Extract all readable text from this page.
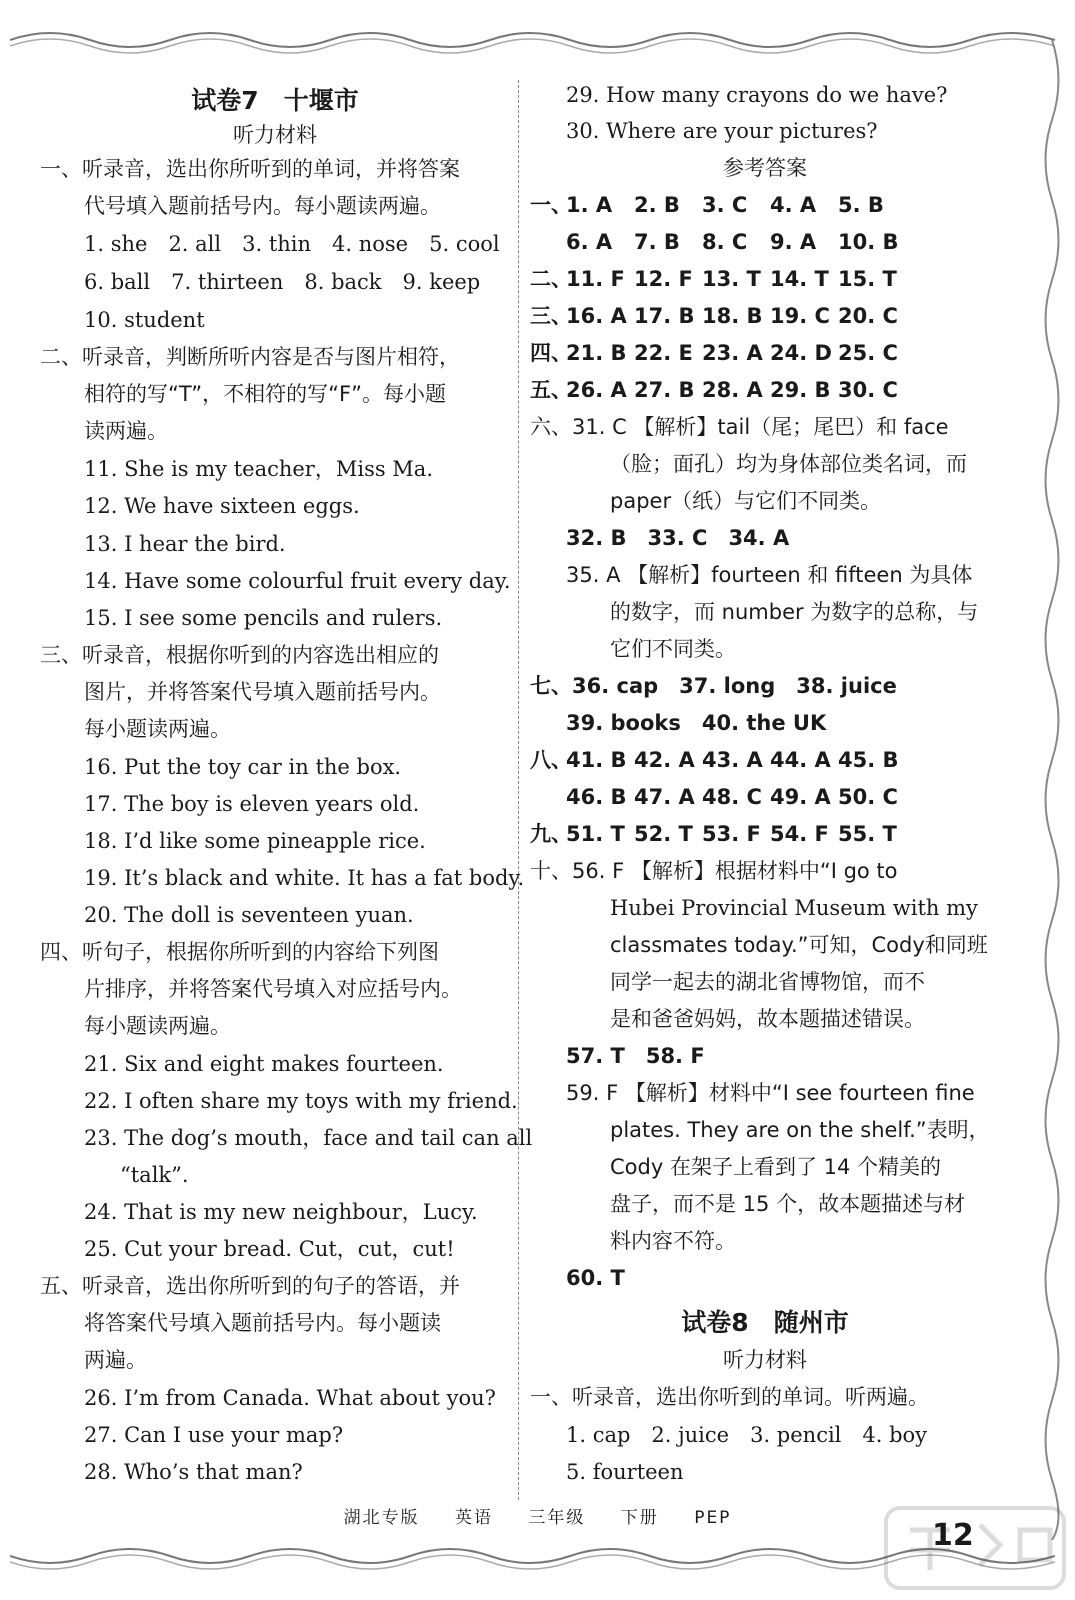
试卷7　十堰市
听力材料
一、听录音，选出你所听到的单词，并将答案
代号填入题前括号内。每小题读两遍。
1. she　2. all　3. thin　4. nose　5. cool
6. ball　7. thirteen　8. back　9. keep
10. student
二、听录音，判断所听内容是否与图片相符，
相符的写“T”，不相符的写“F”。每小题
读两遍。
11. She is my teacher，Miss Ma.
12. We have sixteen eggs.
13. I hear the bird.
14. Have some colourful fruit every day.
15. I see some pencils and rulers.
三、听录音，根据你听到的内容选出相应的
图片，并将答案代号填入题前括号内。
每小题读两遍。
16. Put the toy car in the box.
17. The boy is eleven years old.
18. I’d like some pineapple rice.
19. It’s black and white. It has a fat body.
20. The doll is seventeen yuan.
四、听句子，根据你所听到的内容给下列图
片排序，并将答案代号填入对应括号内。
每小题读两遍。
21. Six and eight makes fourteen.
22. I often share my toys with my friend.
23. The dog’s mouth，face and tail can all
“talk”.
24. That is my new neighbour，Lucy.
25. Cut your bread. Cut，cut，cut!
五、听录音，选出你所听到的句子的答语，并
将答案代号填入题前括号内。每小题读
两遍。
26. I’m from Canada. What about you?
27. Can I use your map?
28. Who’s that man?
29. How many crayons do we have?
30. Where are your pictures?
参考答案
一、1. A 2. B 3. C 4. A 5. B
6. A 7. B 8. C 9. A 10. B
二、11. F 12. F 13. T 14. T 15. T
三、16. A 17. B 18. B 19. C 20. C
四、21. B 22. E 23. A 24. D 25. C
五、26. A 27. B 28. A 29. B 30. C
六、31. C 【解析】tail（尾；尾巴）和 face
（脸；面孔）均为身体部位类名词，而
paper（纸）与它们不同类。
32. B　33. C　34. A
35. A 【解析】fourteen 和 fifteen 为具体
的数字，而 number 为数字的总称，与
它们不同类。
七、36. cap　37. long　38. juice
39. books　40. the UK
八、41. B 42. A 43. A 44. A 45. B
46. B 47. A 48. C 49. A 50. C
九、51. T 52. T 53. F 54. F 55. T
十、56. F 【解析】根据材料中“I go to
Hubei Provincial Museum with my
classmates today.”可知，Cody和同班
同学一起去的湖北省博物馆，而不
是和爸爸妈妈，故本题描述错误。
57. T　58. F
59. F 【解析】材料中“I see fourteen fine
plates. They are on the shelf.”表明，
Cody 在架子上看到了 14 个精美的
盘子，而不是 15 个，故本题描述与材
料内容不符。
60. T
试卷8　随州市
听力材料
一、听录音，选出你听到的单词。听两遍。
1. cap　2. juice　3. pencil　4. boy
5. fourteen
湖北专版 英语 三年级 下册 PEP	12
